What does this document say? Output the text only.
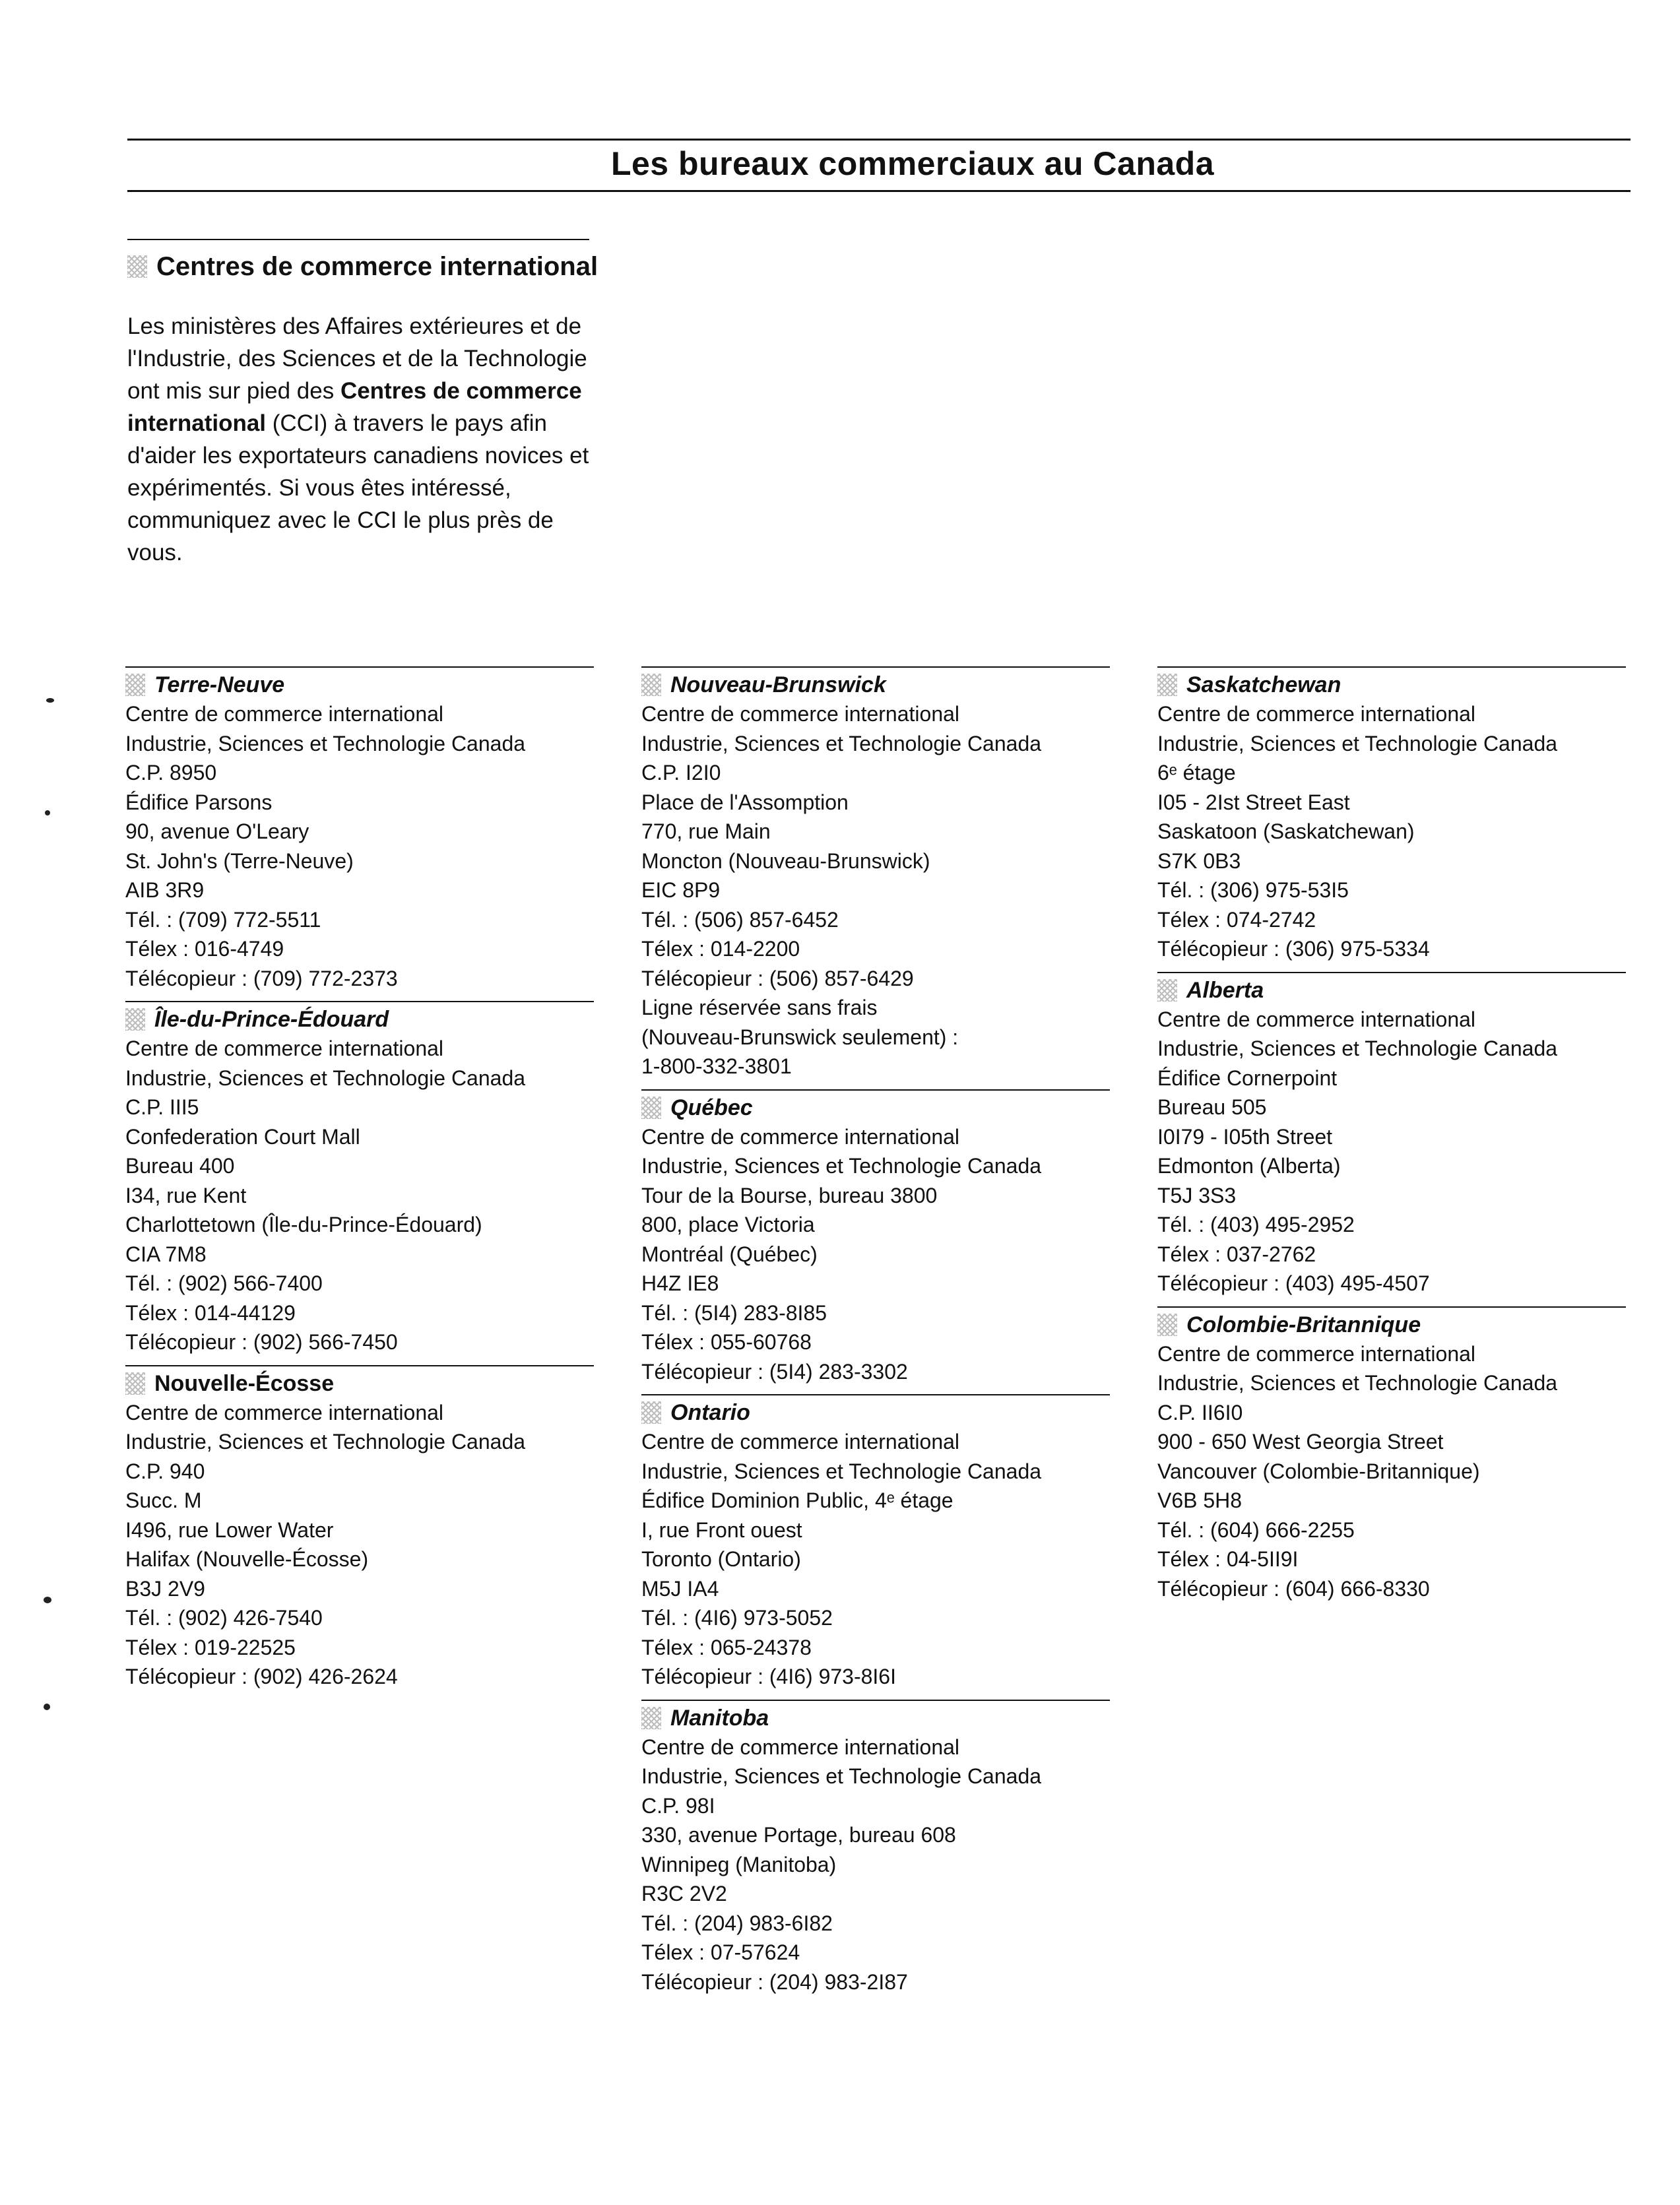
Les bureaux commerciaux au Canada
Centres de commerce international
Les ministères des Affaires extérieures et de l'Industrie, des Sciences et de la Technologie ont mis sur pied des Centres de commerce international (CCI) à travers le pays afin d'aider les exportateurs canadiens novices et expérimentés. Si vous êtes intéressé, communiquez avec le CCI le plus près de vous.
Terre-Neuve
Centre de commerce international
Industrie, Sciences et Technologie Canada
C.P. 8950
Édifice Parsons
90, avenue O'Leary
St. John's (Terre-Neuve)
AIB 3R9
Tél. : (709) 772-5511
Télex : 016-4749
Télécopieur : (709) 772-2373
Île-du-Prince-Édouard
Centre de commerce international
Industrie, Sciences et Technologie Canada
C.P. III5
Confederation Court Mall
Bureau 400
I34, rue Kent
Charlottetown (Île-du-Prince-Édouard)
CIA 7M8
Tél. : (902) 566-7400
Télex : 014-44129
Télécopieur : (902) 566-7450
Nouvelle-Écosse
Centre de commerce international
Industrie, Sciences et Technologie Canada
C.P. 940
Succ. M
I496, rue Lower Water
Halifax (Nouvelle-Écosse)
B3J 2V9
Tél. : (902) 426-7540
Télex : 019-22525
Télécopieur : (902) 426-2624
Nouveau-Brunswick
Centre de commerce international
Industrie, Sciences et Technologie Canada
C.P. I2I0
Place de l'Assomption
770, rue Main
Moncton (Nouveau-Brunswick)
EIC 8P9
Tél. : (506) 857-6452
Télex : 014-2200
Télécopieur : (506) 857-6429
Ligne réservée sans frais
(Nouveau-Brunswick seulement) :
1-800-332-3801
Québec
Centre de commerce international
Industrie, Sciences et Technologie Canada
Tour de la Bourse, bureau 3800
800, place Victoria
Montréal (Québec)
H4Z IE8
Tél. : (5I4) 283-8I85
Télex : 055-60768
Télécopieur : (5I4) 283-3302
Ontario
Centre de commerce international
Industrie, Sciences et Technologie Canada
Édifice Dominion Public, 4ᵉ étage
I, rue Front ouest
Toronto (Ontario)
M5J IA4
Tél. : (4I6) 973-5052
Télex : 065-24378
Télécopieur : (4I6) 973-8I6I
Manitoba
Centre de commerce international
Industrie, Sciences et Technologie Canada
C.P. 98I
330, avenue Portage, bureau 608
Winnipeg (Manitoba)
R3C 2V2
Tél. : (204) 983-6I82
Télex : 07-57624
Télécopieur : (204) 983-2I87
Saskatchewan
Centre de commerce international
Industrie, Sciences et Technologie Canada
6ᵉ étage
I05 - 2Ist Street East
Saskatoon (Saskatchewan)
S7K 0B3
Tél. : (306) 975-53I5
Télex : 074-2742
Télécopieur : (306) 975-5334
Alberta
Centre de commerce international
Industrie, Sciences et Technologie Canada
Édifice Cornerpoint
Bureau 505
I0I79 - I05th Street
Edmonton (Alberta)
T5J 3S3
Tél. : (403) 495-2952
Télex : 037-2762
Télécopieur : (403) 495-4507
Colombie-Britannique
Centre de commerce international
Industrie, Sciences et Technologie Canada
C.P. II6I0
900 - 650 West Georgia Street
Vancouver (Colombie-Britannique)
V6B 5H8
Tél. : (604) 666-2255
Télex : 04-5II9I
Télécopieur : (604) 666-8330
